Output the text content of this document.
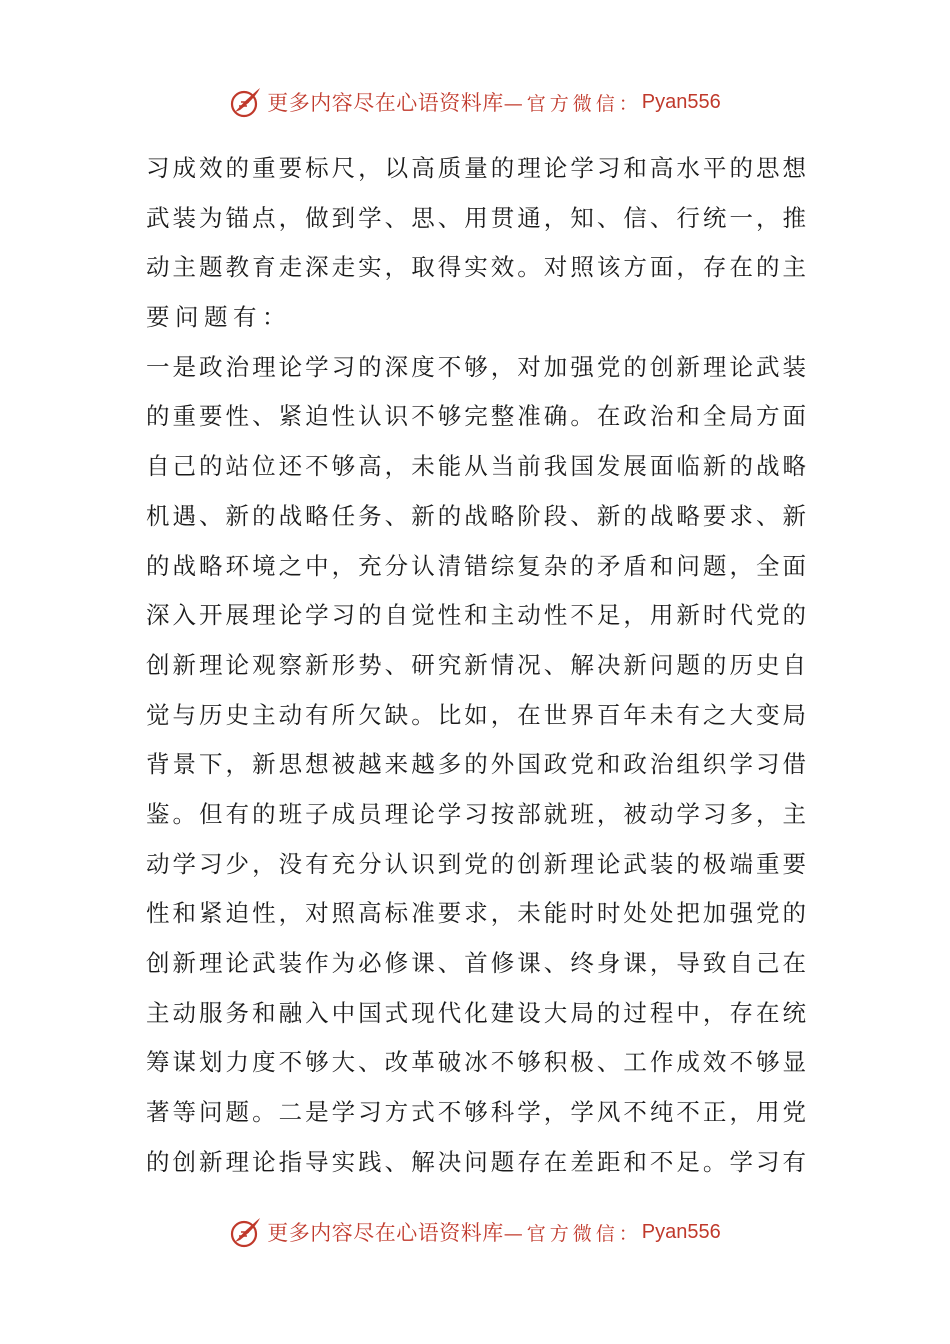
更多内容尽在心语资料库 —官方微信： Pyan556
习成效的重要标尺，以高质量的理论学习和高水平的思想
武装为锚点，做到学、思、用贯通，知、信、行统一，推
动主题教育走深走实，取得实效。对照该方面，存在的主
要问题有：
一是政治理论学习的深度不够，对加强党的创新理论武装
的重要性、紧迫性认识不够完整准确。在政治和全局方面
自己的站位还不够高，未能从当前我国发展面临新的战略
机遇、新的战略任务、新的战略阶段、新的战略要求、新
的战略环境之中，充分认清错综复杂的矛盾和问题，全面
深入开展理论学习的自觉性和主动性不足，用新时代党的
创新理论观察新形势、研究新情况、解决新问题的历史自
觉与历史主动有所欠缺。比如，在世界百年未有之大变局
背景下，新思想被越来越多的外国政党和政治组织学习借
鉴。但有的班子成员理论学习按部就班，被动学习多，主
动学习少，没有充分认识到党的创新理论武装的极端重要
性和紧迫性，对照高标准要求，未能时时处处把加强党的
创新理论武装作为必修课、首修课、终身课，导致自己在
主动服务和融入中国式现代化建设大局的过程中，存在统
筹谋划力度不够大、改革破冰不够积极、工作成效不够显
著等问题。二是学习方式不够科学，学风不纯不正，用党
的创新理论指导实践、解决问题存在差距和不足。学习有
更多内容尽在心语资料库 —官方微信： Pyan556
